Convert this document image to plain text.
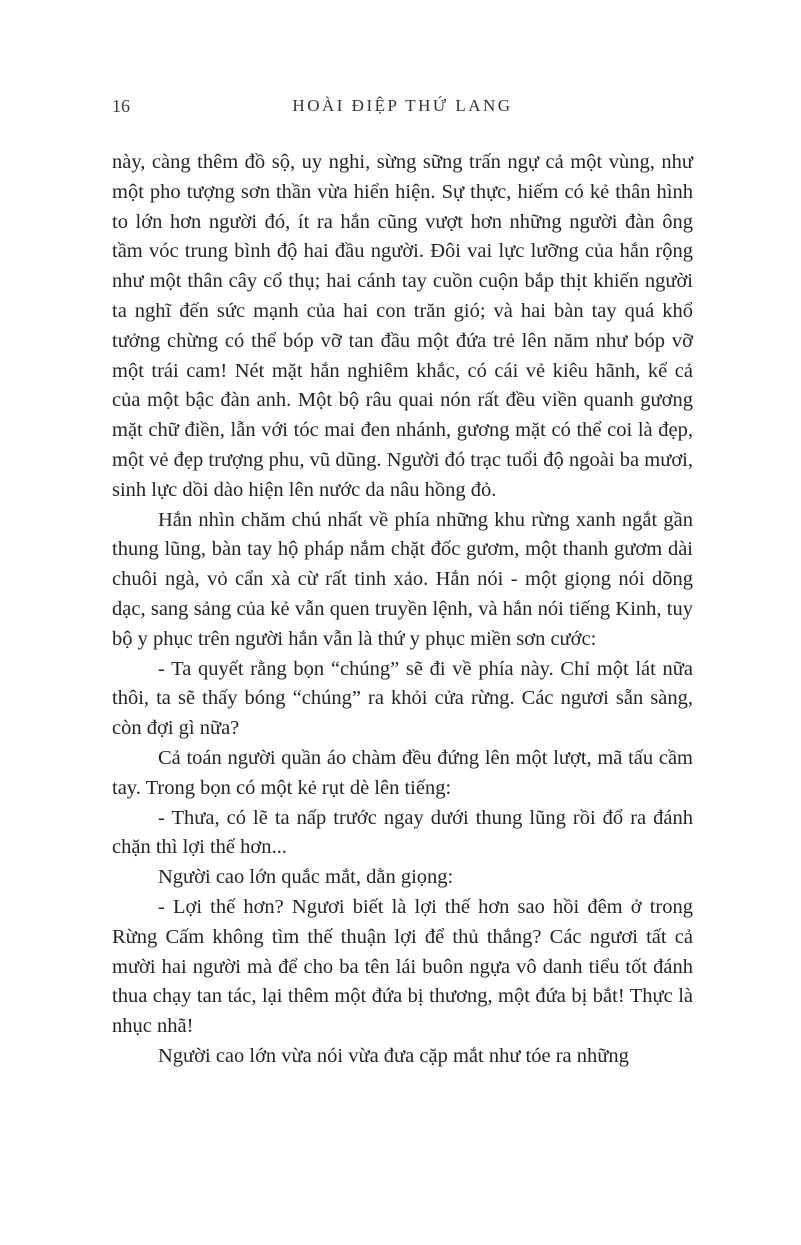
16	HOÀI ĐIỆP THỨ LANG

này, càng thêm đồ sộ, uy nghi, sừng sững trấn ngự cả một vùng, như một pho tượng sơn thần vừa hiển hiện. Sự thực, hiếm có kẻ thân hình to lớn hơn người đó, ít ra hắn cũng vượt hơn những người đàn ông tầm vóc trung bình độ hai đầu người. Đôi vai lực lưỡng của hắn rộng như một thân cây cổ thụ; hai cánh tay cuồn cuộn bắp thịt khiến người ta nghĩ đến sức mạnh của hai con trăn gió; và hai bàn tay quá khổ tưởng chừng có thể bóp vỡ tan đầu một đứa trẻ lên năm như bóp vỡ một trái cam! Nét mặt hắn nghiêm khắc, có cái vẻ kiêu hãnh, kể cả của một bậc đàn anh. Một bộ râu quai nón rất đều viền quanh gương mặt chữ điền, lẫn với tóc mai đen nhánh, gương mặt có thể coi là đẹp, một vẻ đẹp trượng phu, vũ dũng. Người đó trạc tuổi độ ngoài ba mươi, sinh lực dồi dào hiện lên nước da nâu hồng đỏ.

Hắn nhìn chăm chú nhất về phía những khu rừng xanh ngắt gần thung lũng, bàn tay hộ pháp nắm chặt đốc gươm, một thanh gươm dài chuôi ngà, vỏ cẩn xà cừ rất tinh xảo. Hắn nói - một giọng nói dõng dạc, sang sảng của kẻ vẫn quen truyền lệnh, và hắn nói tiếng Kinh, tuy bộ y phục trên người hắn vẫn là thứ y phục miền sơn cước:

- Ta quyết rằng bọn “chúng” sẽ đi về phía này. Chỉ một lát nữa thôi, ta sẽ thấy bóng “chúng” ra khỏi cửa rừng. Các ngươi sẵn sàng, còn đợi gì nữa?

Cả toán người quần áo chàm đều đứng lên một lượt, mã tấu cầm tay. Trong bọn có một kẻ rụt dè lên tiếng:

- Thưa, có lẽ ta nấp trước ngay dưới thung lũng rồi đổ ra đánh chặn thì lợi thế hơn...

Người cao lớn quắc mắt, dằn giọng:

- Lợi thế hơn? Ngươi biết là lợi thế hơn sao hồi đêm ở trong Rừng Cấm không tìm thế thuận lợi để thủ thắng? Các ngươi tất cả mười hai người mà để cho ba tên lái buôn ngựa vô danh tiểu tốt đánh thua chạy tan tác, lại thêm một đứa bị thương, một đứa bị bắt! Thực là nhục nhã!

Người cao lớn vừa nói vừa đưa cặp mắt như tóe ra những
